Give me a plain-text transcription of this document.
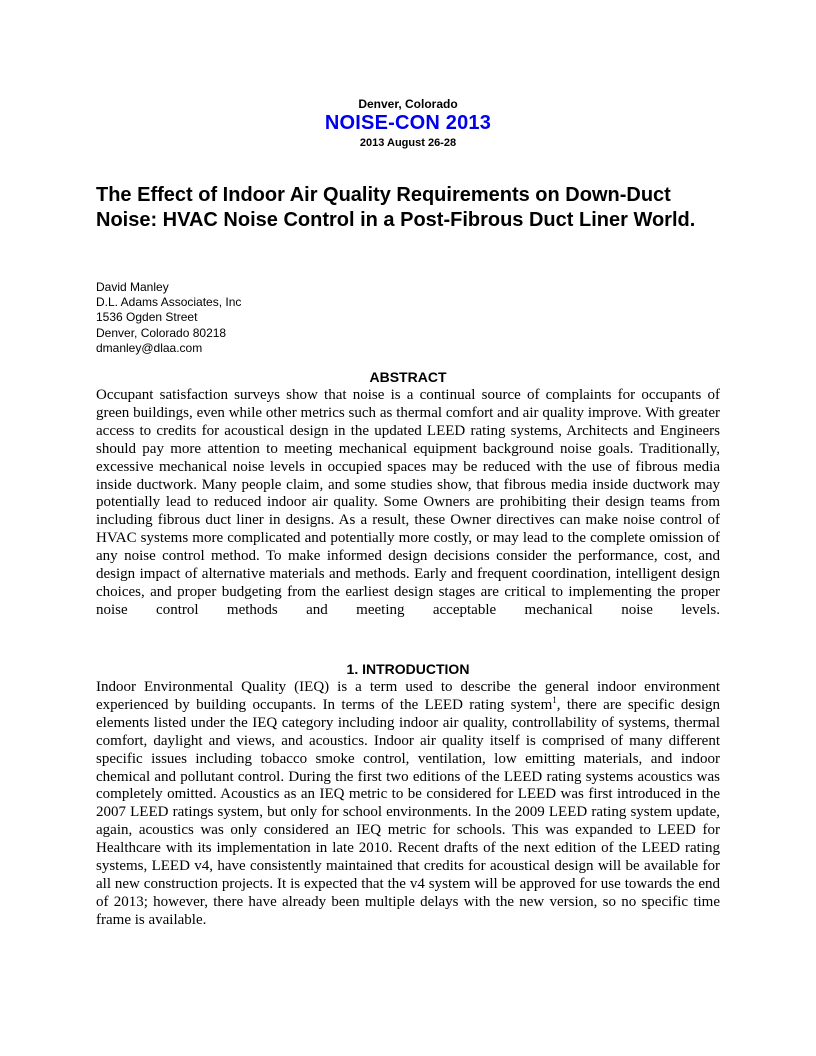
Denver, Colorado
NOISE-CON 2013
2013 August 26-28
The Effect of Indoor Air Quality Requirements on Down-Duct Noise: HVAC Noise Control in a Post-Fibrous Duct Liner World.
David Manley
D.L. Adams Associates, Inc
1536 Ogden Street
Denver, Colorado 80218
dmanley@dlaa.com
ABSTRACT
Occupant satisfaction surveys show that noise is a continual source of complaints for occupants of green buildings, even while other metrics such as thermal comfort and air quality improve. With greater access to credits for acoustical design in the updated LEED rating systems, Architects and Engineers should pay more attention to meeting mechanical equipment background noise goals. Traditionally, excessive mechanical noise levels in occupied spaces may be reduced with the use of fibrous media inside ductwork. Many people claim, and some studies show, that fibrous media inside ductwork may potentially lead to reduced indoor air quality. Some Owners are prohibiting their design teams from including fibrous duct liner in designs. As a result, these Owner directives can make noise control of HVAC systems more complicated and potentially more costly, or may lead to the complete omission of any noise control method. To make informed design decisions consider the performance, cost, and design impact of alternative materials and methods. Early and frequent coordination, intelligent design choices, and proper budgeting from the earliest design stages are critical to implementing the proper noise control methods and meeting acceptable mechanical noise levels.
1. INTRODUCTION
Indoor Environmental Quality (IEQ) is a term used to describe the general indoor environment experienced by building occupants. In terms of the LEED rating system$^1$, there are specific design elements listed under the IEQ category including indoor air quality, controllability of systems, thermal comfort, daylight and views, and acoustics. Indoor air quality itself is comprised of many different specific issues including tobacco smoke control, ventilation, low emitting materials, and indoor chemical and pollutant control. During the first two editions of the LEED rating systems acoustics was completely omitted. Acoustics as an IEQ metric to be considered for LEED was first introduced in the 2007 LEED ratings system, but only for school environments. In the 2009 LEED rating system update, again, acoustics was only considered an IEQ metric for schools. This was expanded to LEED for Healthcare with its implementation in late 2010. Recent drafts of the next edition of the LEED rating systems, LEED v4, have consistently maintained that credits for acoustical design will be available for all new construction projects. It is expected that the v4 system will be approved for use towards the end of 2013; however, there have already been multiple delays with the new version, so no specific time frame is available.
